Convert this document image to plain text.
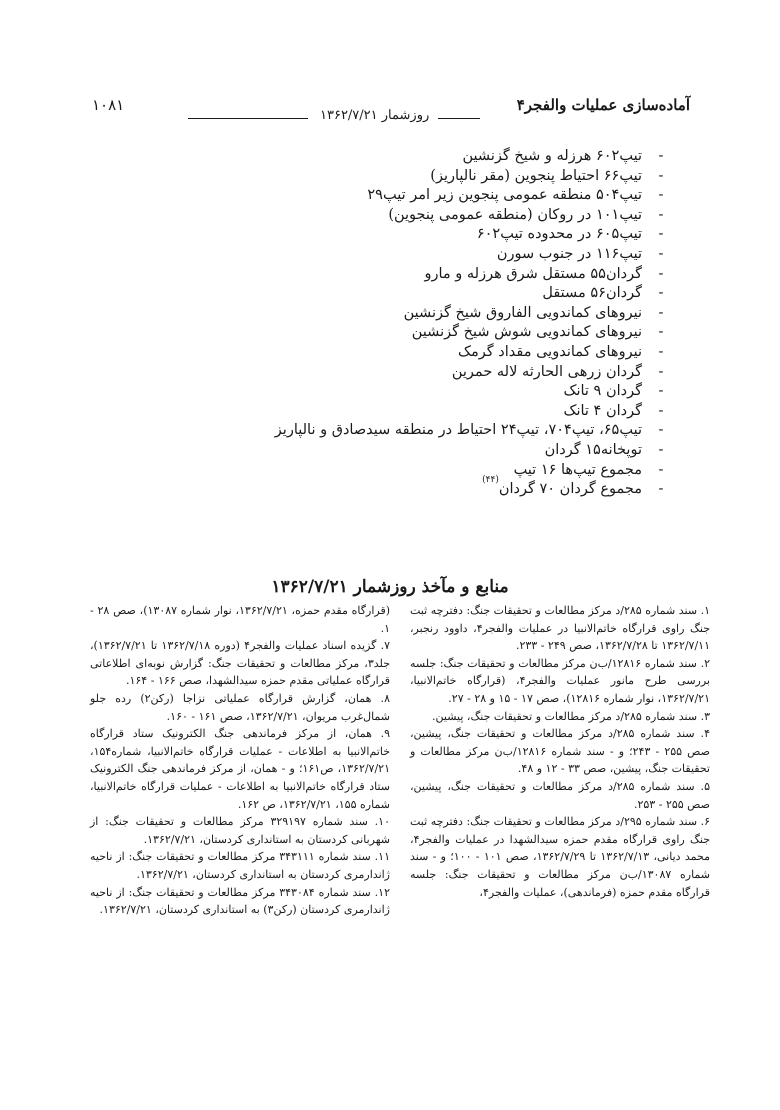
آماده‌سازی عملیات والفجر۴
روزشمار ۱۳۶۲/۷/۲۱
۱۰۸۱
-
تیپ۶۰۲ هرزله و شیخ گزنشین
-
تیپ۶۶ احتیاط پنجوین (مقر نالپاریز)
-
تیپ۵۰۴ منطقه عمومی پنجوین زیر امر تیپ۲۹
-
تیپ۱۰۱ در روکان (منطقه عمومی پنجوین)
-
تیپ۶۰۵ در محدوده تیپ۶۰۲
-
تیپ۱۱۶ در جنوب سورن
-
گردان۵۵ مستقل شرق هرزله و مارو
-
گردان۵۶ مستقل
-
نیروهای کماندویی الفاروق شیخ گزنشین
-
نیروهای کماندویی شوش شیخ گزنشین
-
نیروهای کماندویی مقداد گرمک
-
گردان زرهی الحارثه لاله حمرین
-
گردان ۹ تانک
-
گردان ۴ تانک
-
تیپ۶۵، تیپ۷۰۴، تیپ۲۴ احتیاط در منطقه سیدصادق و نالپاریز
-
توپخانه۱۵ گردان
-
مجموع تیپ‌ها ۱۶ تیپ
-
مجموع گردان ۷۰ گردان
(۴۴)
منابع و مآخذ روزشمار ۱۳۶۲/۷/۲۱

۱. سند شماره ۲۸۵/د مرکز مطالعات و تحقیقات جنگ: دفترچه ثبت جنگ راوی قرارگاه خاتم‌الانبیا در عملیات والفجر۴، داوود رنجبر، ۱۳۶۲/۷/۱۱ تا ۱۳۶۲/۷/۲۸، صص ۲۴۹ - ۲۳۳.

۲. سند شماره ۱۲۸۱۶/ب‌ن مرکز مطالعات و تحقیقات جنگ: جلسه بررسی طرح مانور عملیات والفجر۴، (قرارگاه خاتم‌الانبیا، ۱۳۶۲/۷/۲۱، نوار شماره ۱۲۸۱۶)، صص ۱۷ - ۱۵ و ۲۸ - ۲۷.

۳. سند شماره ۲۸۵/د مرکز مطالعات و تحقیقات جنگ، پیشین.

۴. سند شماره ۲۸۵/د مرکز مطالعات و تحقیقات جنگ، پیشین، صص ۲۵۵ - ۲۴۳؛ و - سند شماره ۱۲۸۱۶/ب‌ن مرکز مطالعات و تحقیقات جنگ، پیشین، صص ۳۳ - ۱۲ و ۴۸.

۵. سند شماره ۲۸۵/د مرکز مطالعات و تحقیقات جنگ، پیشین، صص ۲۵۵ - ۲۵۳.

۶. سند شماره ۲۹۵/د مرکز مطالعات و تحقیقات جنگ: دفترچه ثبت جنگ راوی قرارگاه مقدم حمزه سیدالشهدا در عملیات والفجر۴، محمد دیانی، ۱۳۶۲/۷/۱۳ تا ۱۳۶۲/۷/۲۹، صص ۱۰۱ - ۱۰۰؛ و - سند شماره ۱۳۰۸۷/ب‌ن مرکز مطالعات و تحقیقات جنگ: جلسه قرارگاه مقدم حمزه (فرماندهی)، عملیات والفجر۴،

(قرارگاه مقدم حمزه، ۱۳۶۲/۷/۲۱، نوار شماره ۱۳۰۸۷)، صص ۲۸ - ۱.

۷. گزیده اسناد عملیات والفجر۴ (دوره ۱۳۶۲/۷/۱۸ تا ۱۳۶۲/۷/۲۱)، جلد۳، مرکز مطالعات و تحقیقات جنگ: گزارش نوبه‌ای اطلاعاتی قرارگاه عملیاتی مقدم حمزه سیدالشهدا، صص ۱۶۶ - ۱۶۴.

۸. همان، گزارش قرارگاه عملیاتی نزاجا (رکن۲) رده جلو شمال‌غرب مریوان، ۱۳۶۲/۷/۲۱، صص ۱۶۱ - ۱۶۰.

۹. همان، از مرکز فرماندهی جنگ الکترونیک ستاد قرارگاه خاتم‌الانبیا به اطلاعات - عملیات قرارگاه خاتم‌الانبیا، شماره۱۵۴، ۱۳۶۲/۷/۲۱، ص۱۶۱؛ و - همان، از مرکز فرماندهی جنگ الکترونیک ستاد قرارگاه خاتم‌الانبیا به اطلاعات - عملیات قرارگاه خاتم‌الانبیا، شماره ۱۵۵، ۱۳۶۲/۷/۲۱، ص ۱۶۲.

۱۰. سند شماره ۳۲۹۱۹۷ مرکز مطالعات و تحقیقات جنگ: از شهربانی کردستان به استانداری کردستان، ۱۳۶۲/۷/۲۱.

۱۱. سند شماره ۳۴۳۱۱۱ مرکز مطالعات و تحقیقات جنگ: از ناحیه ژاندارمری کردستان به استانداری کردستان، ۱۳۶۲/۷/۲۱.

۱۲. سند شماره ۳۴۳۰۸۴ مرکز مطالعات و تحقیقات جنگ: از ناحیه ژاندارمری کردستان (رکن۳) به استانداری کردستان، ۱۳۶۲/۷/۲۱.
